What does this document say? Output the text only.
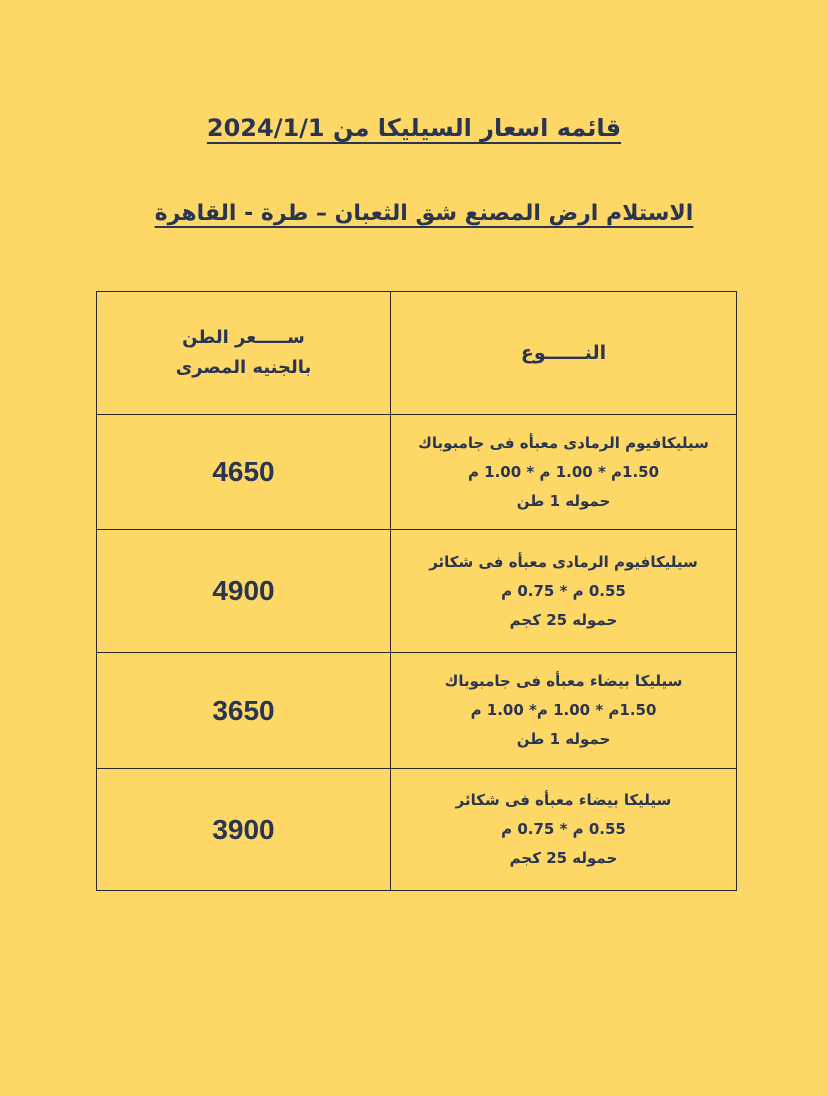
قائمه اسعار السيليكا من 2024/1/1
الاستلام ارض المصنع شق الثعبان – طرة - القاهرة
النــــــوع	ســـــعر الطن
بالجنيه المصرى

سيليكافيوم الرمادى معبأه فى جامبوباك
1.50م * 1.00 م * 1.00 م
حموله 1 طن	4650

سيليكافيوم الرمادى معبأه فى شكائر
0.55 م * 0.75 م
حموله 25 كجم	4900

سيليكا بيضاء معبأه فى جامبوباك
1.50م * 1.00 م* 1.00 م
حموله 1 طن	3650

سيليكا بيضاء معبأه فى شكائر
0.55 م * 0.75 م
حموله 25 كجم	3900
